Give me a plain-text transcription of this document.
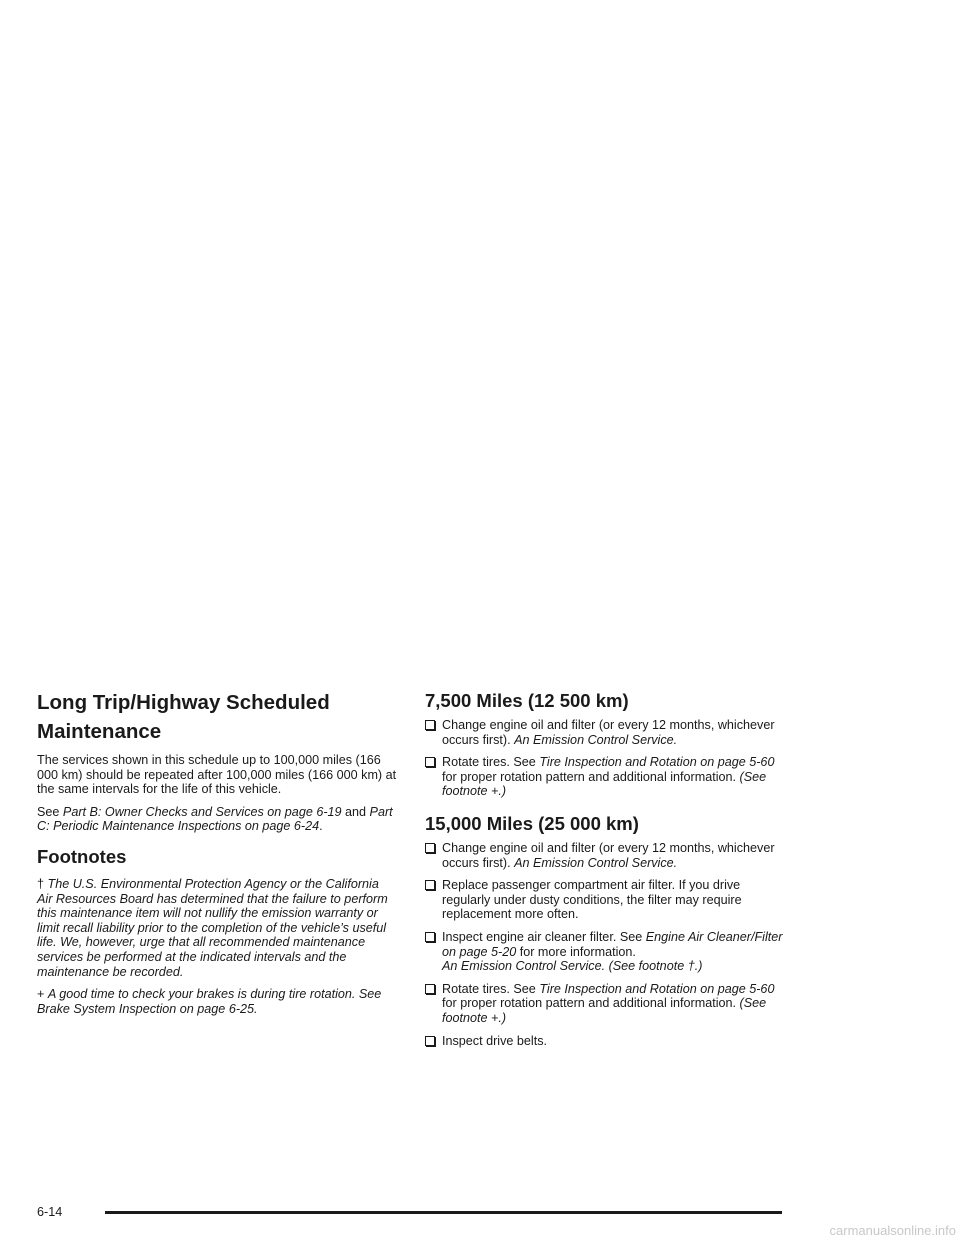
Long Trip/Highway Scheduled
Maintenance

The services shown in this schedule up to 100,000 miles (166 000 km) should be repeated after 100,000 miles (166 000 km) at the same intervals for the life of this vehicle.

See Part B: Owner Checks and Services on page 6-19 and Part C: Periodic Maintenance Inspections on page 6-24.

Footnotes

† The U.S. Environmental Protection Agency or the California Air Resources Board has determined that the failure to perform this maintenance item will not nullify the emission warranty or limit recall liability prior to the completion of the vehicle’s useful life. We, however, urge that all recommended maintenance services be performed at the indicated intervals and the maintenance be recorded.

+ A good time to check your brakes is during tire rotation. See Brake System Inspection on page 6-25.

7,500 Miles (12 500 km)
Change engine oil and filter (or every 12 months, whichever occurs first). An Emission Control Service.
Rotate tires. See Tire Inspection and Rotation on page 5-60 for proper rotation pattern and additional information. (See footnote +.)
15,000 Miles (25 000 km)
Change engine oil and filter (or every 12 months, whichever occurs first). An Emission Control Service.
Replace passenger compartment air filter. If you drive regularly under dusty conditions, the filter may require replacement more often.
Inspect engine air cleaner filter. See Engine Air Cleaner/Filter on page 5-20 for more information.
An Emission Control Service. (See footnote †.)
Rotate tires. See Tire Inspection and Rotation on page 5-60 for proper rotation pattern and additional information. (See footnote +.)
Inspect drive belts.
6-14
carmanualsonline.info
